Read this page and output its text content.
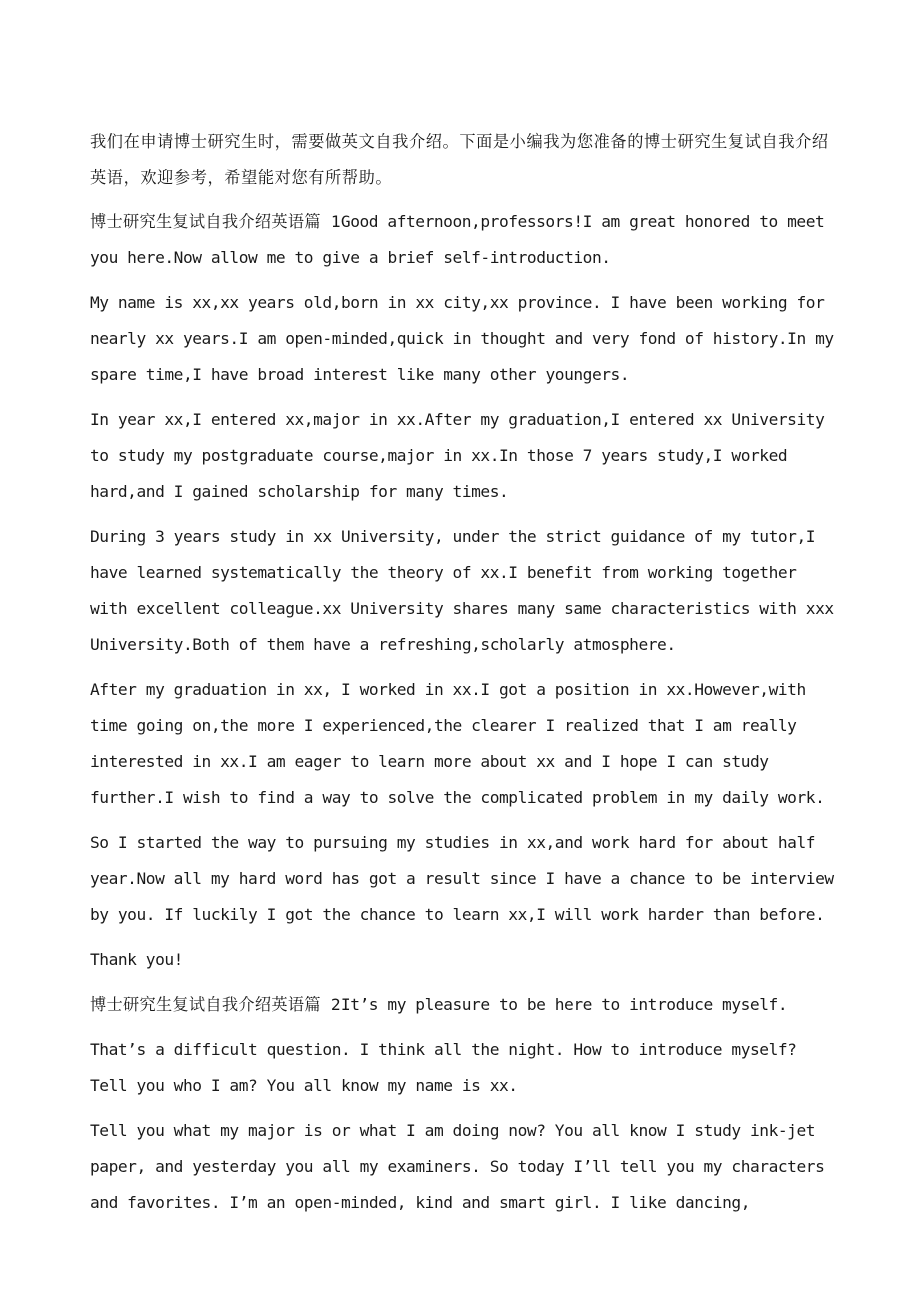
我们在申请博士研究生时，需要做英文自我介绍。下面是小编我为您准备的博士研究生复试自我介绍英语，欢迎参考，希望能对您有所帮助。

博士研究生复试自我介绍英语篇 1Good afternoon,professors!I am great honored to meet you here.Now allow me to give a brief self-introduction.

My name is xx,xx years old,born in xx city,xx province. I have been working for nearly xx years.I am open-minded,quick in thought and very fond of history.In my spare time,I have broad interest like many other youngers.

In year xx,I entered xx,major in xx.After my graduation,I entered xx University to study my postgraduate course,major in xx.In those 7 years study,I worked hard,and I gained scholarship for many times.

During 3 years study in xx University, under the strict guidance of my tutor,I have learned systematically the theory of xx.I benefit from working together with excellent colleague.xx University shares many same characteristics with xxx University.Both of them have a refreshing,scholarly atmosphere.

After my graduation in xx, I worked in xx.I got a position in xx.However,with time going on,the more I experienced,the clearer I realized that I am really interested in xx.I am eager to learn more about xx and I hope I can study further.I wish to find a way to solve the complicated problem in my daily work.

So I started the way to pursuing my studies in xx,and work hard for about half year.Now all my hard word has got a result since I have a chance to be interview by you. If luckily I got the chance to learn xx,I will work harder than before.

Thank you!

博士研究生复试自我介绍英语篇 2It’s my pleasure to be here to introduce myself.

That’s a difficult question. I think all the night. How to introduce myself? Tell you who I am? You all know my name is xx.

Tell you what my major is or what I am doing now? You all know I study ink-jet paper, and yesterday you all my examiners. So today I’ll tell you my characters and favorites. I’m an open-minded, kind and smart girl. I like dancing,
